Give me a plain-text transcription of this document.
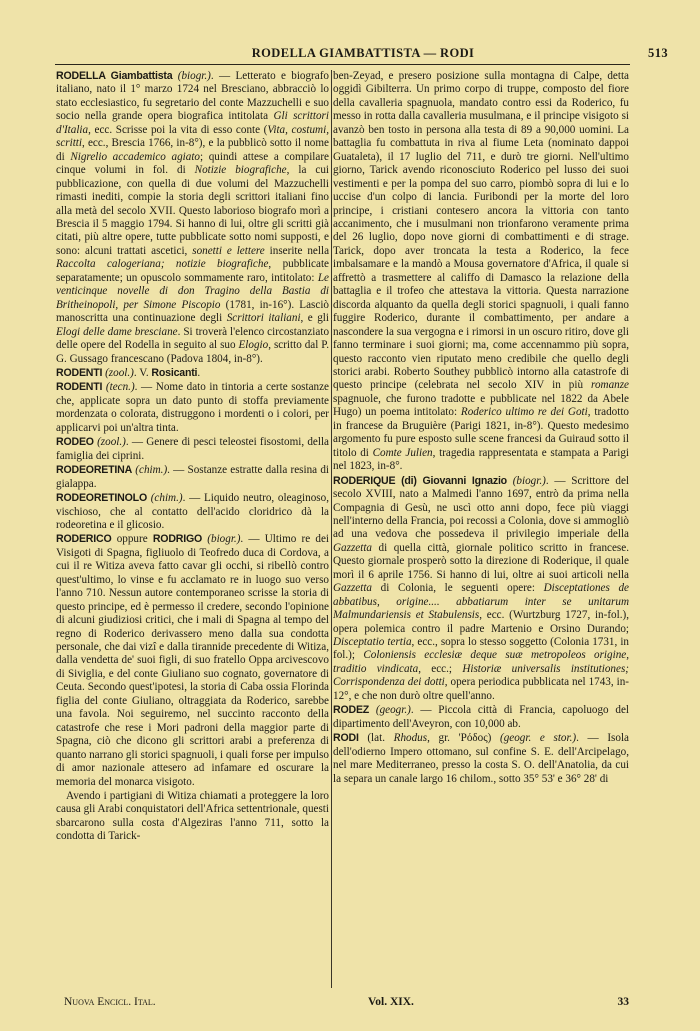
RODELLA GIAMBATTISTA — RODI	513

RODELLA Giambattista (biogr.). — Letterato e biografo italiano, nato il 1° marzo 1724 nel Bresciano, abbracciò lo stato ecclesiastico, fu segretario del conte Mazzuchelli e suo socio nella grande opera biografica intitolata Gli scrittori d'Italia, ecc. Scrisse poi la vita di esso conte (Vita, costumi, scritti, ecc., Brescia 1766, in-8°), e la pubblicò sotto il nome di Nigrelio accademico agiato; quindi attese a compilare cinque volumi in fol. di Notizie biografiche, la cui pubblicazione, con quella di due volumi del Mazzuchelli rimasti inediti, compie la storia degli scrittori italiani fino alla metà del secolo XVII. Questo laborioso biografo morì a Brescia il 5 maggio 1794. Si hanno di lui, oltre gli scritti già citati, più altre opere, tutte pubblicate sotto nomi supposti, e sono: alcuni trattati ascetici, sonetti e lettere inserite nella Raccolta calogeriana; notizie biografiche, pubblicate separatamente; un opuscolo sommamente raro, intitolato: Le venticinque novelle di don Tragino della Bastia di Britheinopoli, per Simone Piscopio (1781, in-16°). Lasciò manoscritta una continuazione degli Scrittori italiani, e gli Elogi delle dame bresciane. Si troverà l'elenco circostanziato delle opere del Rodella in seguito al suo Elogio, scritto dal P. G. Gussago francescano (Padova 1804, in-8°).

RODENTI (zool.). V. Rosicanti.

RODENTI (tecn.). — Nome dato in tintoria a certe sostanze che, applicate sopra un dato punto di stoffa previamente mordenzata o colorata, distruggono i mordenti o i colori, per applicarvi poi un'altra tinta.

RODEO (zool.). — Genere di pesci teleostei fisostomi, della famiglia dei ciprini.

RODEORETINA (chim.). — Sostanze estratte dalla resina di gialappa.

RODEORETINOLO (chim.). — Liquido neutro, oleaginoso, vischioso, che al contatto dell'acido cloridrico dà la rodeoretina e il glicosio.

RODERICO oppure RODRIGO (biogr.). — Ultimo re dei Visigoti di Spagna, figliuolo di Teofredo duca di Cordova, a cui il re Witiza aveva fatto cavar gli occhi, si ribellò contro quest'ultimo, lo vinse e fu acclamato re in luogo suo verso l'anno 710. Nessun autore contemporaneo scrisse la storia di questo principe, ed è permesso il credere, secondo l'opinione di alcuni giudiziosi critici, che i mali di Spagna al tempo del regno di Roderico derivassero meno dalla sua condotta personale, che dai vizî e dalla tirannide precedente di Witiza, dalla vendetta de' suoi figli, di suo fratello Oppa arcivescovo di Siviglia, e del conte Giuliano suo cognato, governatore di Ceuta. Secondo quest'ipotesi, la storia di Caba ossia Florinda figlia del conte Giuliano, oltraggiata da Roderico, sarebbe una favola. Noi seguiremo, nel succinto racconto della catastrofe che rese i Mori padroni della maggior parte di Spagna, ciò che dicono gli scrittori arabi a preferenza di quanto narrano gli storici spagnuoli, i quali forse per impulso di amor nazionale attesero ad infamare ed oscurare la memoria del monarca visigoto.

Avendo i partigiani di Witiza chiamati a proteggere la loro causa gli Arabi conquistatori dell'Africa settentrionale, questi sbarcarono sulla costa d'Algeziras l'anno 711, sotto la condotta di Tarick-

ben-Zeyad, e presero posizione sulla montagna di Calpe, detta oggidì Gibilterra. Un primo corpo di truppe, composto del fiore della cavalleria spagnuola, mandato contro essi da Roderico, fu messo in rotta dalla cavalleria musulmana, e il principe visigoto si avanzò ben tosto in persona alla testa di 89 a 90,000 uomini. La battaglia fu combattuta in riva al fiume Leta (nominato dappoi Guataleta), il 17 luglio del 711, e durò tre giorni. Nell'ultimo giorno, Tarick avendo riconosciuto Roderico pel lusso dei suoi vestimenti e per la pompa del suo carro, piombò sopra di lui e lo uccise d'un colpo di lancia. Furibondi per la morte del loro principe, i cristiani contesero ancora la vittoria con tanto accanimento, che i musulmani non trionfarono veramente prima del 26 luglio, dopo nove giorni di combattimenti e di strage. Tarick, dopo aver troncata la testa a Roderico, la fece imbalsamare e la mandò a Mousa governatore d'Africa, il quale si affrettò a trasmettere al califfo di Damasco la relazione della battaglia e il trofeo che attestava la vittoria. Questa narrazione discorda alquanto da quella degli storici spagnuoli, i quali fanno fuggire Roderico, durante il combattimento, per andare a nascondere la sua vergogna e i rimorsi in un oscuro ritiro, dove gli fanno terminare i suoi giorni; ma, come accennammo più sopra, questo racconto vien riputato meno credibile che quello degli storici arabi. Roberto Southey pubblicò intorno alla catastrofe di questo principe (celebrata nel secolo XIV in più romanze spagnuole, che furono tradotte e pubblicate nel 1822 da Abele Hugo) un poema intitolato: Roderico ultimo re dei Goti, tradotto in francese da Bruguière (Parigi 1821, in-8°). Questo medesimo argomento fu pure esposto sulle scene francesi da Guiraud sotto il titolo di Comte Julien, tragedia rappresentata e stampata a Parigi nel 1823, in-8°.

RODERIQUE (di) Giovanni Ignazio (biogr.). — Scrittore del secolo XVIII, nato a Malmedi l'anno 1697, entrò da prima nella Compagnia di Gesù, ne uscì otto anni dopo, fece più viaggi nell'interno della Francia, poi recossi a Colonia, dove si ammogliò ad una vedova che possedeva il privilegio imperiale della Gazzetta di quella città, giornale politico scritto in francese. Questo giornale prosperò sotto la direzione di Roderique, il quale morì il 6 aprile 1756. Si hanno di lui, oltre ai suoi articoli nella Gazzetta di Colonia, le seguenti opere: Disceptationes de abbatibus, origine.... abbatiarum inter se unitarum Malmundariensis et Stabulensis, ecc. (Wurtzburg 1727, in-fol.), opera polemica contro il padre Martenio e Orsino Durando; Disceptatio tertia, ecc., sopra lo stesso soggetto (Colonia 1731, in fol.); Coloniensis ecclesiæ deque suæ metropoleos origine, traditio vindicata, ecc.; Historiæ universalis institutiones; Corrispondenza dei dotti, opera periodica pubblicata nel 1743, in-12°, e che non durò oltre quell'anno.

RODEZ (geogr.). — Piccola città di Francia, capoluogo del dipartimento dell'Aveyron, con 10,000 ab.

RODI (lat. Rhodus, gr. 'Ρόδος) (geogr. e stor.). — Isola dell'odierno Impero ottomano, sul confine S. E. dell'Arcipelago, nel mare Mediterraneo, presso la costa S. O. dell'Anatolia, da cui la separa un canale largo 16 chilom., sotto 35° 53' e 36° 28' di

Nuova Encicl. Ital.	Vol. XIX.	33
